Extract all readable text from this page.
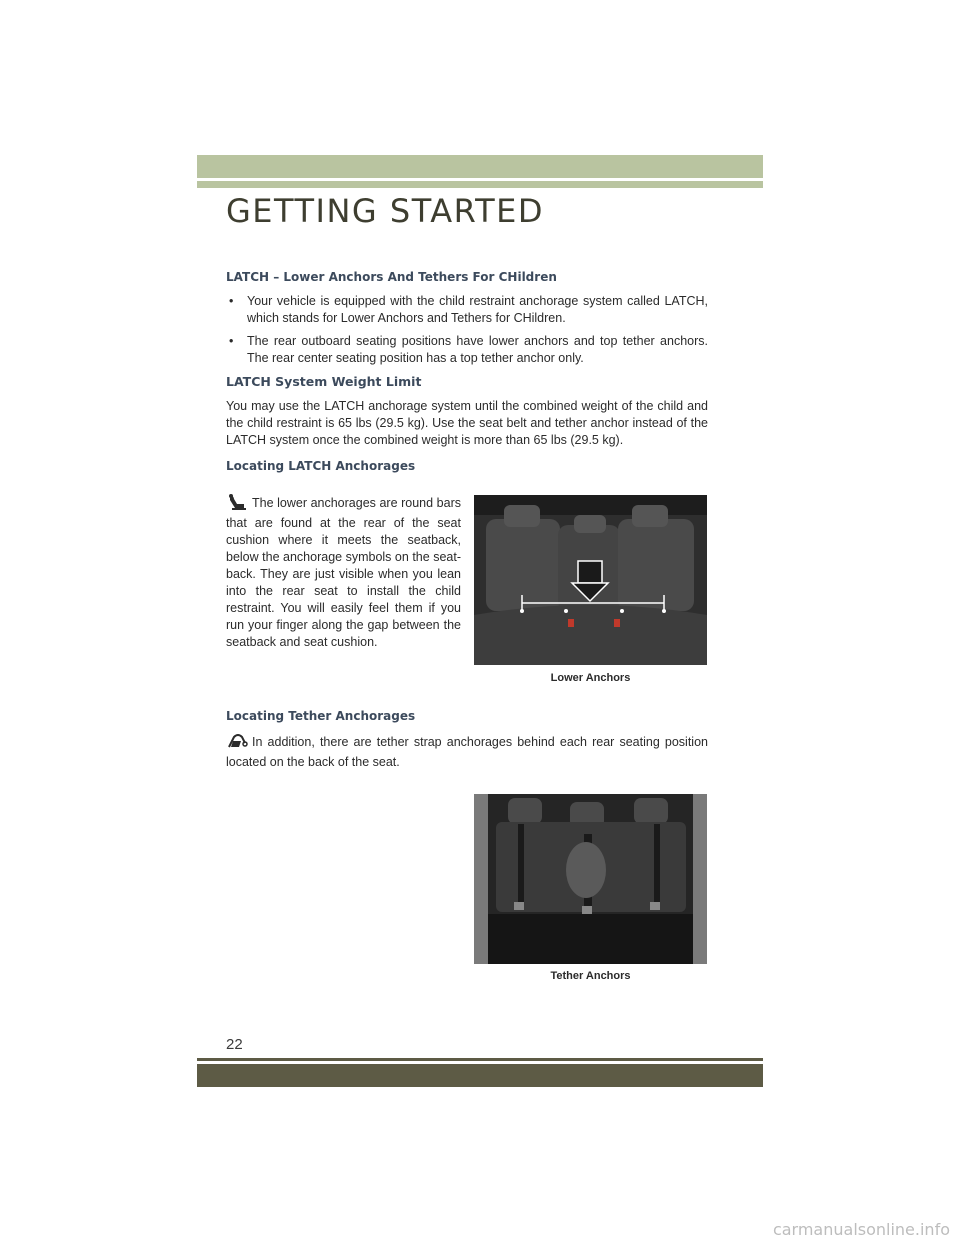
GETTING STARTED
LATCH – Lower Anchors And Tethers For CHildren
• Your vehicle is equipped with the child restraint anchorage system called LATCH, which stands for Lower Anchors and Tethers for CHildren.
• The rear outboard seating positions have lower anchors and top tether anchors. The rear center seating position has a top tether anchor only.
LATCH System Weight Limit

You may use the LATCH anchorage system until the combined weight of the child and the child restraint is 65 lbs (29.5 kg). Use the seat belt and tether anchor instead of the LATCH system once the combined weight is more than 65 lbs (29.5 kg).

Locating LATCH Anchorages

The lower anchorages are round bars that are found at the rear of the seat cushion where it meets the seatback, below the anchorage symbols on the seat-back. They are just visible when you lean into the rear seat to install the child restraint. You will easily feel them if you run your finger along the gap between the seatback and seat cushion.

Lower Anchors
Locating Tether Anchorages

In addition, there are tether strap anchorages behind each rear seating position located on the back of the seat.

Tether Anchors
22
carmanualsonline.info
